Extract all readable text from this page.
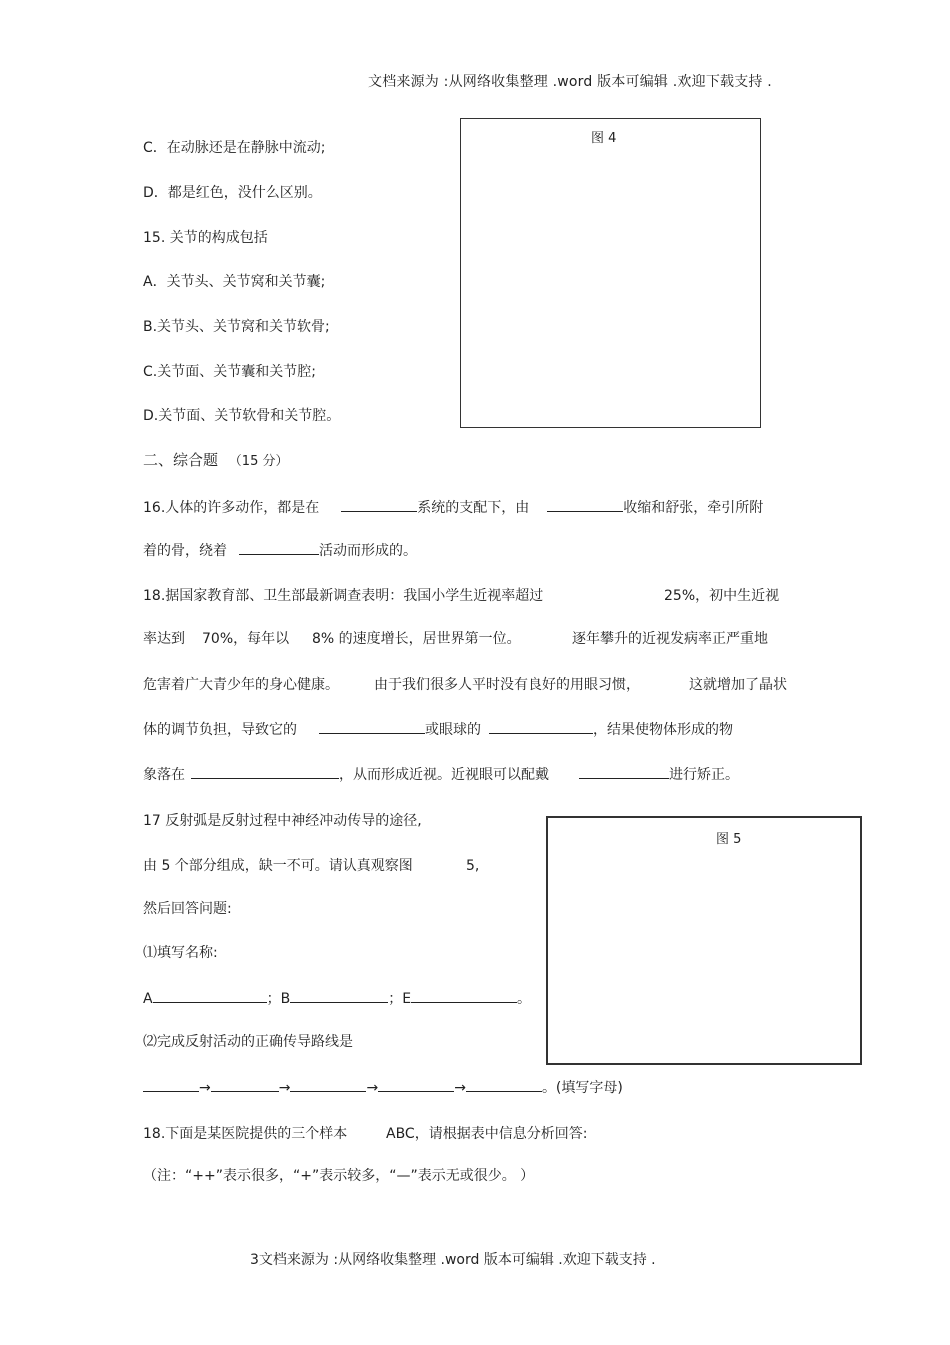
文档来源为 :从网络收集整理 .word 版本可编辑 .欢迎下载支持 .
图 4
C．在动脉还是在静脉中流动;
D．都是红色，没什么区别。
15. 关节的构成包括
A．关节头、关节窝和关节囊;
B.关节头、关节窝和关节软骨;
C.关节面、关节囊和关节腔;
D.关节面、关节软骨和关节腔。
二、综合题 （15 分）
16.人体的许多动作，都是在	系统的支配下，由	收缩和舒张，牵引所附
着的骨，绕着	活动而形成的。
18.据国家教育部、卫生部最新调查表明：我国小学生近视率超过	25%，初中生近视
率达到 70%，每年以 8% 的速度增长，居世界第一位。	逐年攀升的近视发病率正严重地
危害着广大青少年的身心健康。	由于我们很多人平时没有良好的用眼习惯，	这就增加了晶状
体的调节负担，导致它的	或眼球的	，结果使物体形成的物
象落在	，从而形成近视。近视眼可以配戴	进行矫正。
图 5
17 反射弧是反射过程中神经冲动传导的途径,
由 5 个部分组成，缺一不可。请认真观察图	5,
然后回答问题:
⑴填写名称:
A	；B	；E	。
⑵完成反射活动的正确传导路线是
→	→	→	→	。(填写字母)
18.下面是某医院提供的三个样本	ABC，请根据表中信息分析回答:
（注：“++”表示很多，“+”表示较多，“—”表示无或很少。 ）
3文档来源为 :从网络收集整理 .word 版本可编辑 .欢迎下载支持 .
